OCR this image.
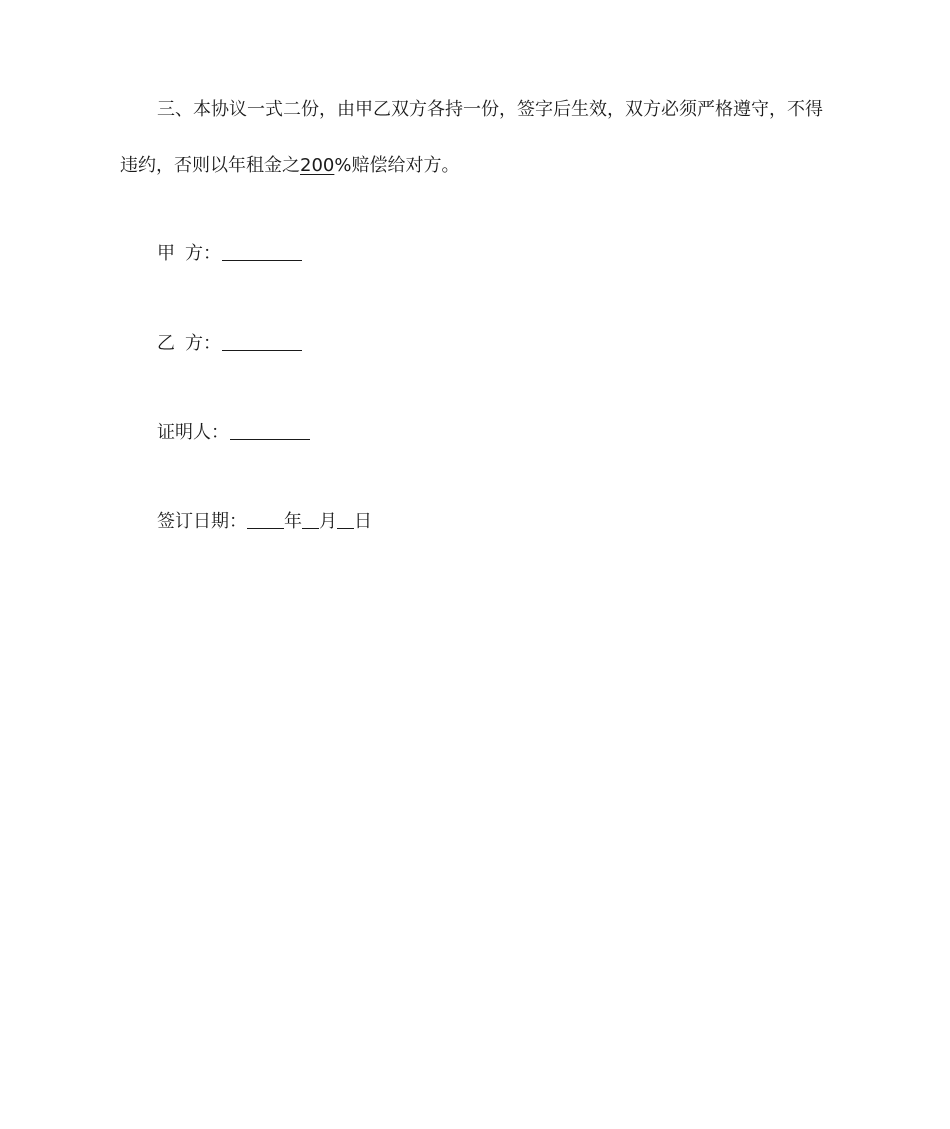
三、本协议一式二份，由甲乙双方各持一份，签字后生效，双方必须严格遵守，不得违约，否则以年租金之200%赔偿给对方。

甲 方：
乙 方：
证明人：
签订日期： 年 月 日
